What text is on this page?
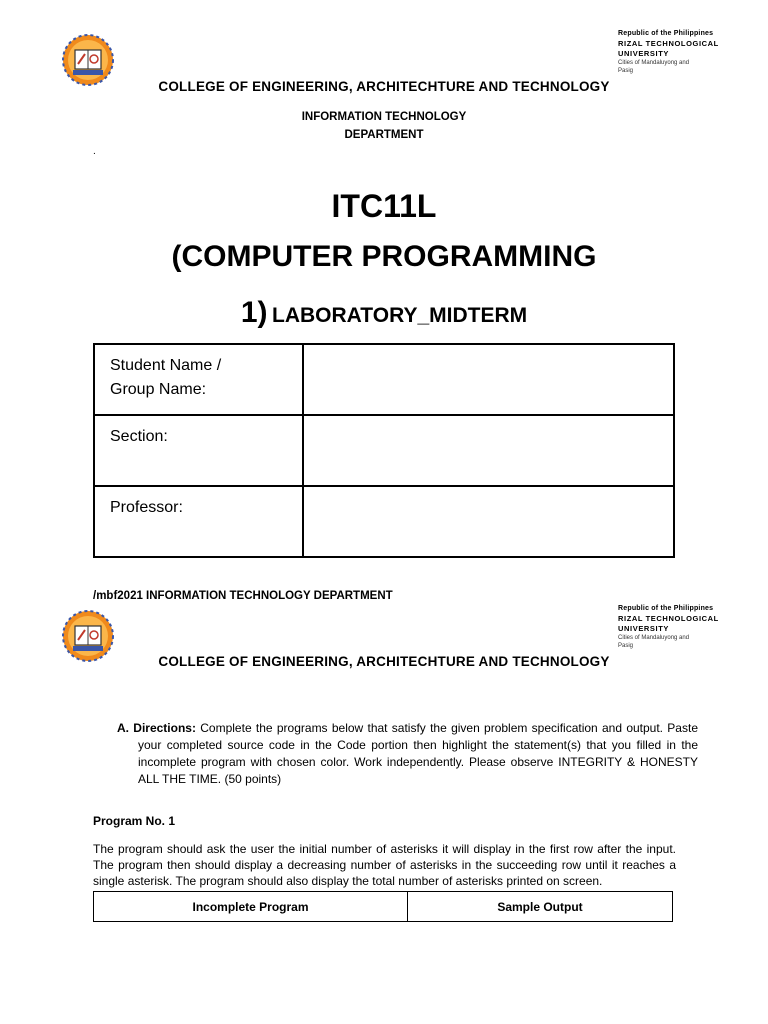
Republic of the Philippines
RIZAL TECHNOLOGICAL
UNIVERSITY
Cities of Mandaluyong and
Pasig
COLLEGE OF ENGINEERING, ARCHITECHTURE AND TECHNOLOGY
INFORMATION TECHNOLOGY
DEPARTMENT
.
ITC11L
(COMPUTER PROGRAMMING
1) LABORATORY_MIDTERM
Student Name /
Group Name:	

Section:	

Professor:	

/mbf2021 INFORMATION TECHNOLOGY DEPARTMENT
Republic of the Philippines
RIZAL TECHNOLOGICAL
UNIVERSITY
Cities of Mandaluyong and
Pasig
COLLEGE OF ENGINEERING, ARCHITECHTURE AND TECHNOLOGY
A. Directions: Complete the programs below that satisfy the given problem specification and output. Paste your completed source code in the Code portion then highlight the statement(s) that you filled in the incomplete program with chosen color. Work independently. Please observe INTEGRITY & HONESTY ALL THE TIME. (50 points)
Program No. 1
The program should ask the user the initial number of asterisks it will display in the first row after the input. The program then should display a decreasing number of asterisks in the succeeding row until it reaches a single asterisk. The program should also display the total number of asterisks printed on screen.
Incomplete Program	Sample Output
